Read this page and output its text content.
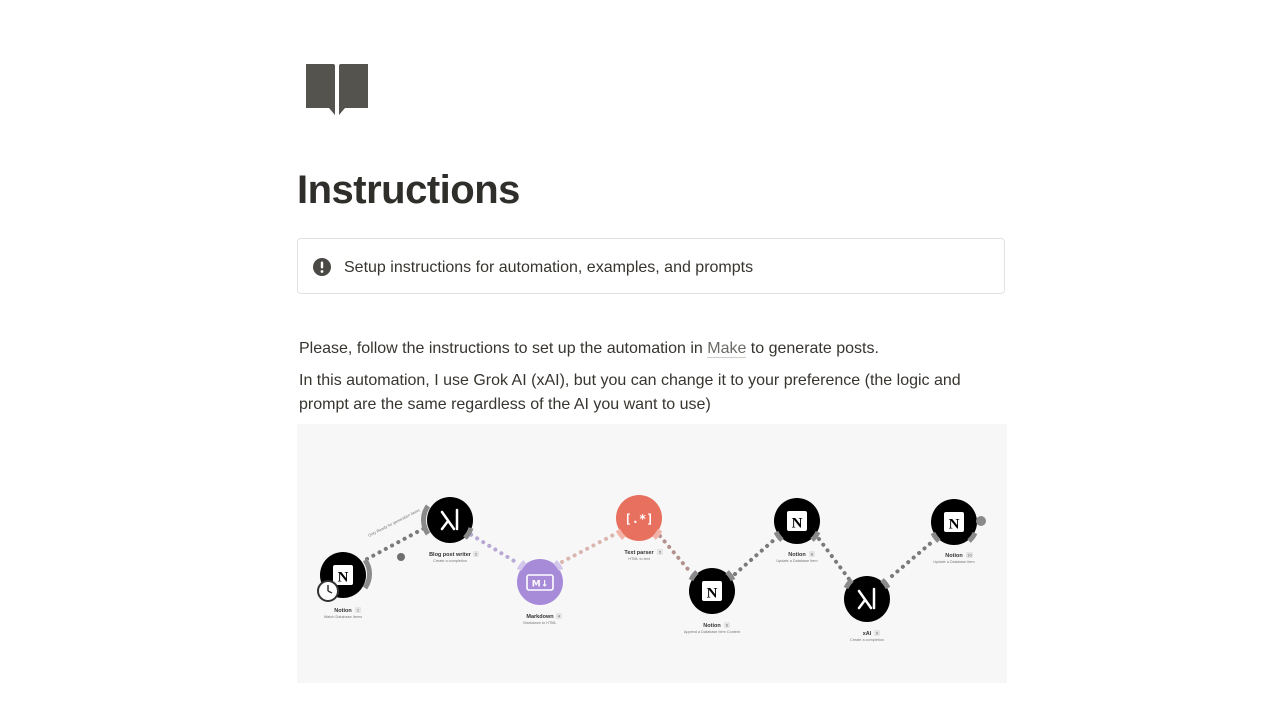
Instructions
Setup instructions for automation, examples, and prompts

Please, follow the instructions to set up the automation in Make to generate posts.

In this automation, I use Grok AI (xAI), but you can change it to your preference (the logic and
prompt are the same regardless of the AI you want to use)

Only Ready for generation items
N
Notion 1
Watch Database Items
Blog post writer 2
Create a completion
M↓
Markdown 4
Markdown to HTML
[.*]
Text parser 5
HTML to text
N
Notion 6
Append a Database Item Content
N
Notion 8
Update a Database Item
xAI 9
Create a completion
N
Notion 10
Update a Database Item
